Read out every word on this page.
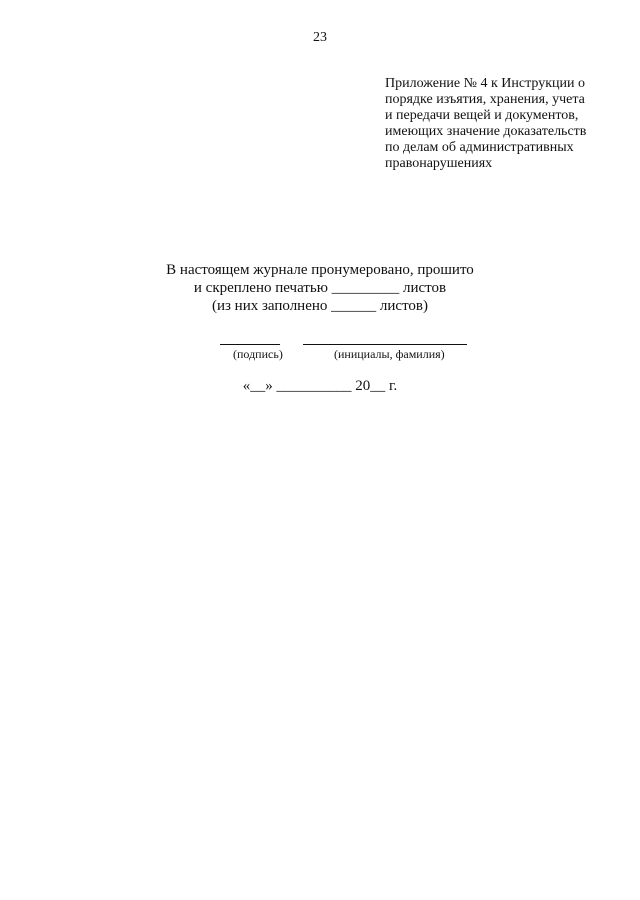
23
Приложение № 4 к Инструкции о
порядке изъятия, хранения, учета
и передачи вещей и документов,
имеющих значение доказательств
по делам об административных
правонарушениях
В настоящем журнале пронумеровано, прошито
и скреплено печатью _________ листов
(из них заполнено ______ листов)
(подпись)	(инициалы, фамилия)
«__» __________ 20__ г.
